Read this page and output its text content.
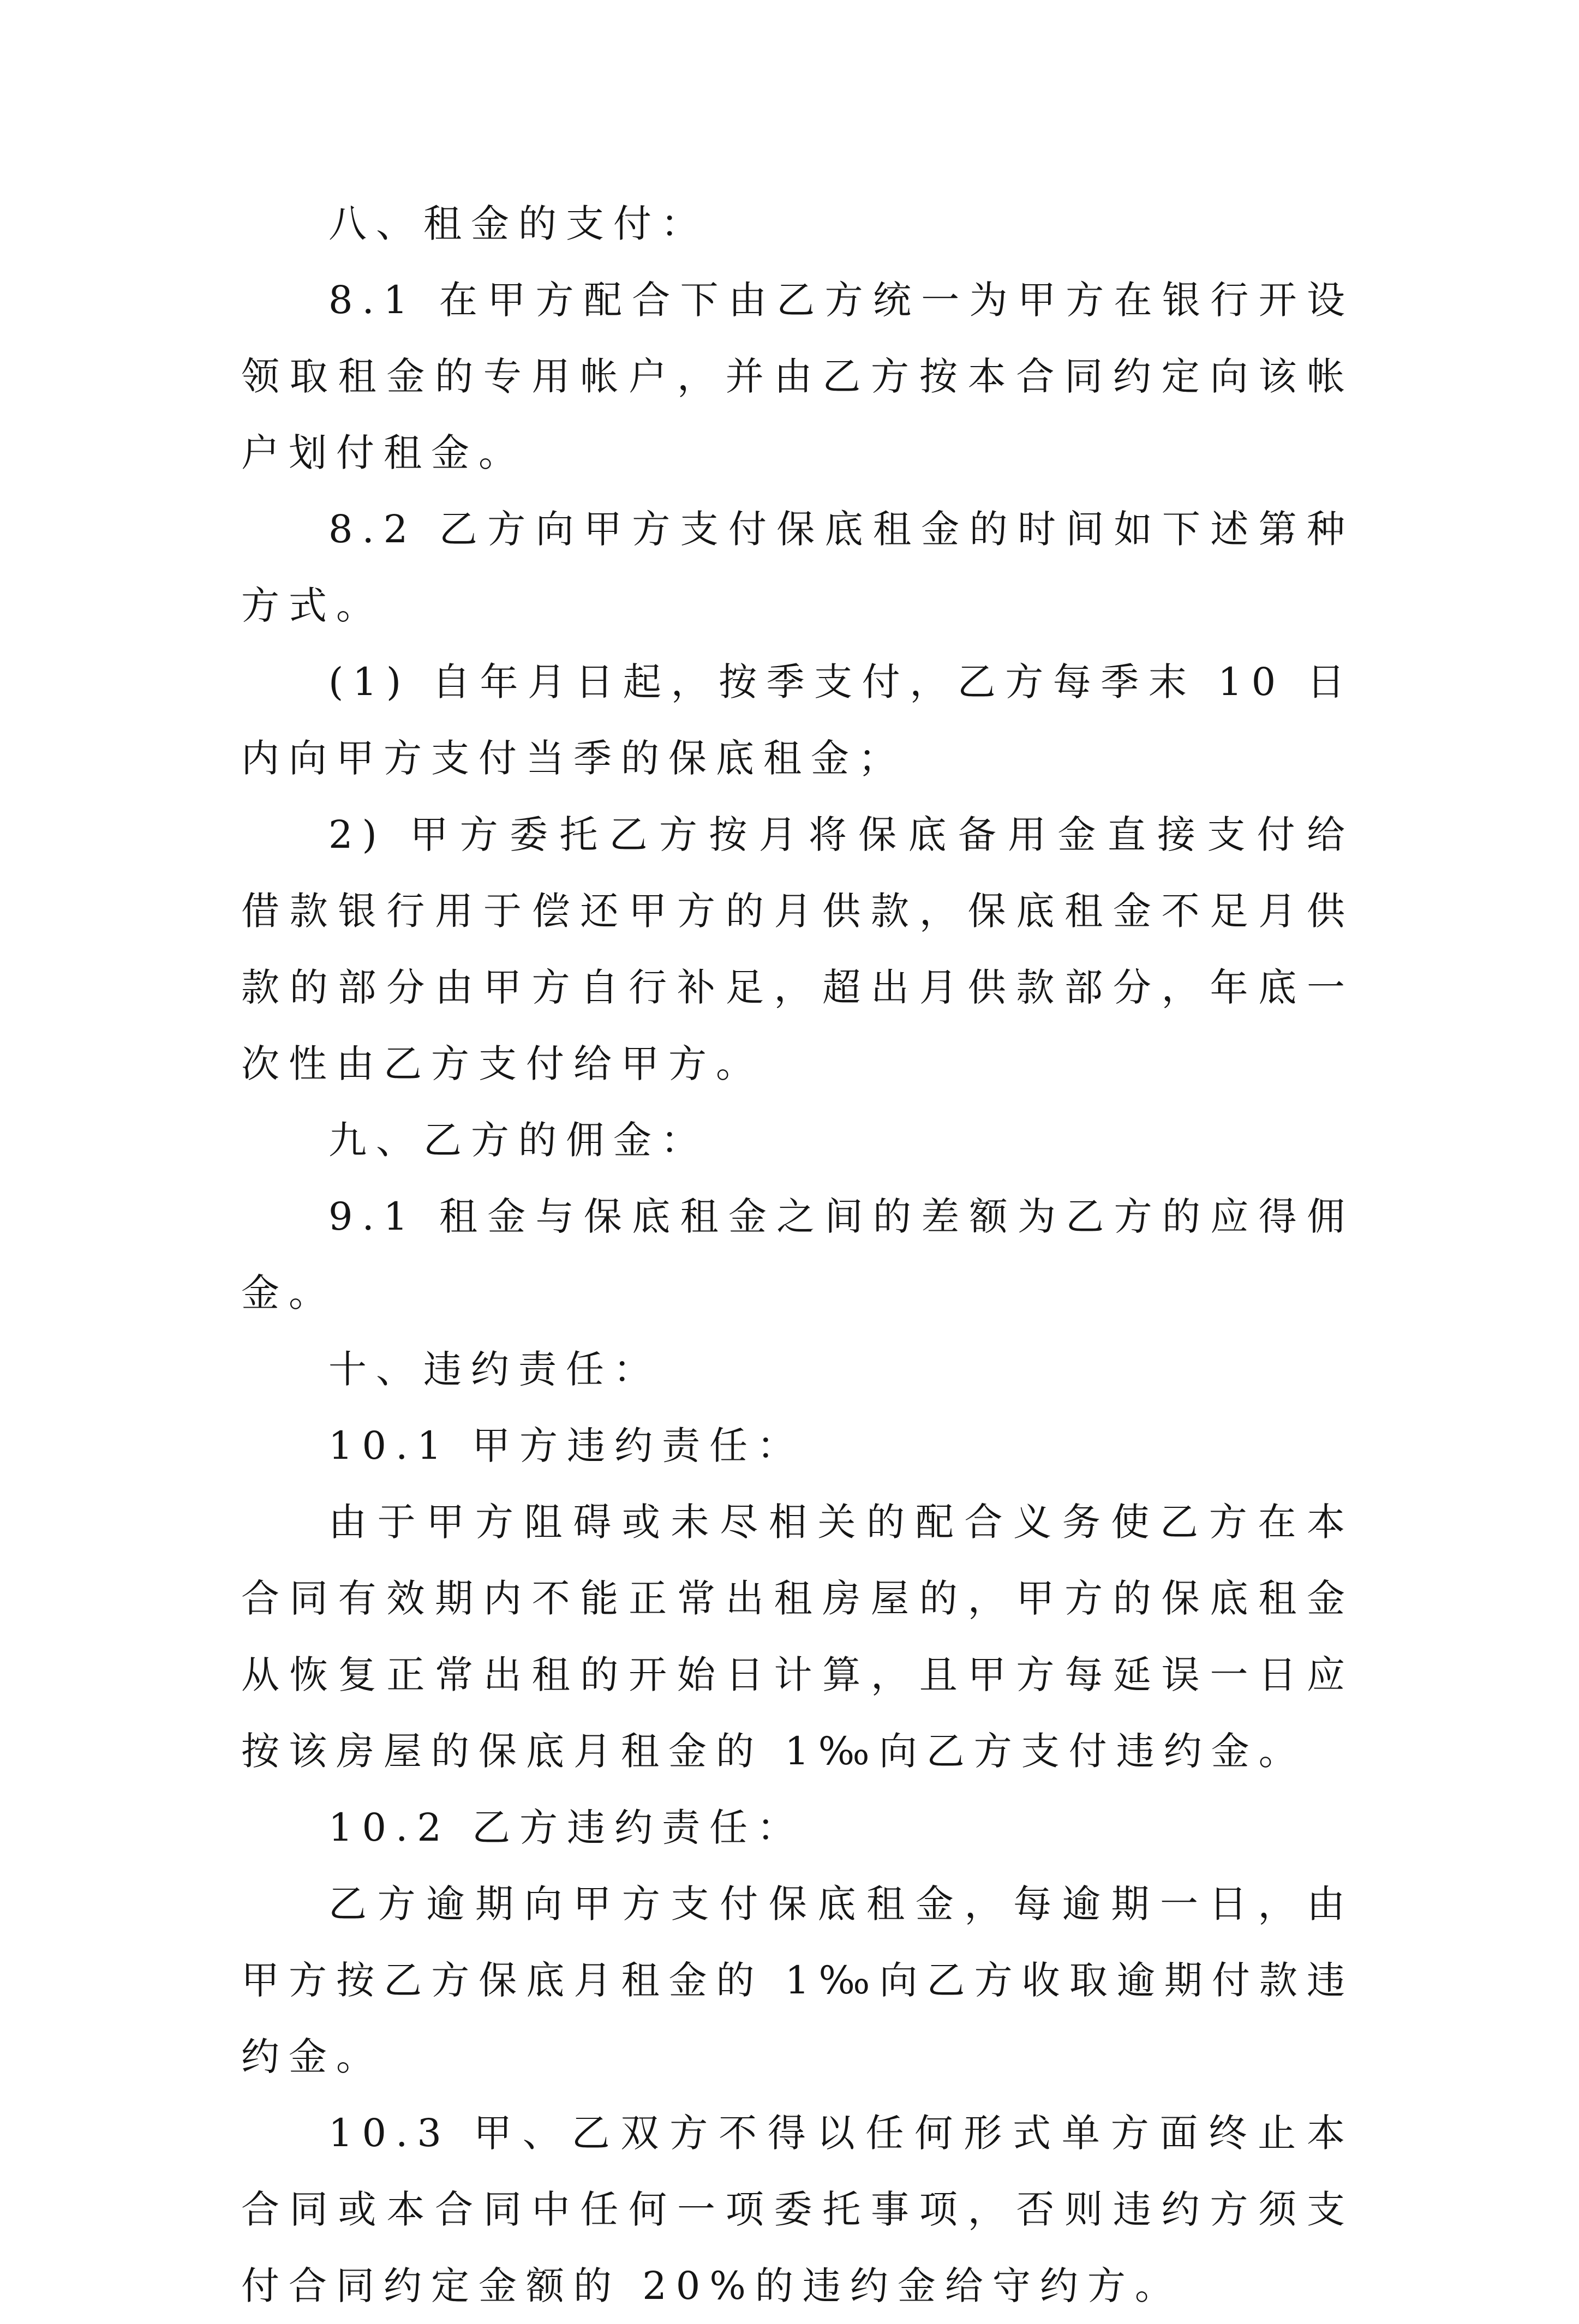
八、租金的支付：

8.1 在甲方配合下由乙方统一为甲方在银行开设领取租金的专用帐户，并由乙方按本合同约定向该帐户划付租金。

8.2 乙方向甲方支付保底租金的时间如下述第种方式。

(1) 自年月日起，按季支付，乙方每季末 10 日内向甲方支付当季的保底租金；

2) 甲方委托乙方按月将保底备用金直接支付给借款银行用于偿还甲方的月供款，保底租金不足月供款的部分由甲方自行补足，超出月供款部分，年底一次性由乙方支付给甲方。

九、乙方的佣金：

9.1 租金与保底租金之间的差额为乙方的应得佣金。

十、违约责任：

10.1 甲方违约责任：

由于甲方阻碍或未尽相关的配合义务使乙方在本合同有效期内不能正常出租房屋的，甲方的保底租金从恢复正常出租的开始日计算，且甲方每延误一日应按该房屋的保底月租金的 1‰向乙方支付违约金。

10.2 乙方违约责任：

乙方逾期向甲方支付保底租金，每逾期一日，由甲方按乙方保底月租金的 1‰向乙方收取逾期付款违约金。

10.3 甲、乙双方不得以任何形式单方面终止本合同或本合同中任何一项委托事项，否则违约方须支付合同约定金额的 20%的违约金给守约方。
